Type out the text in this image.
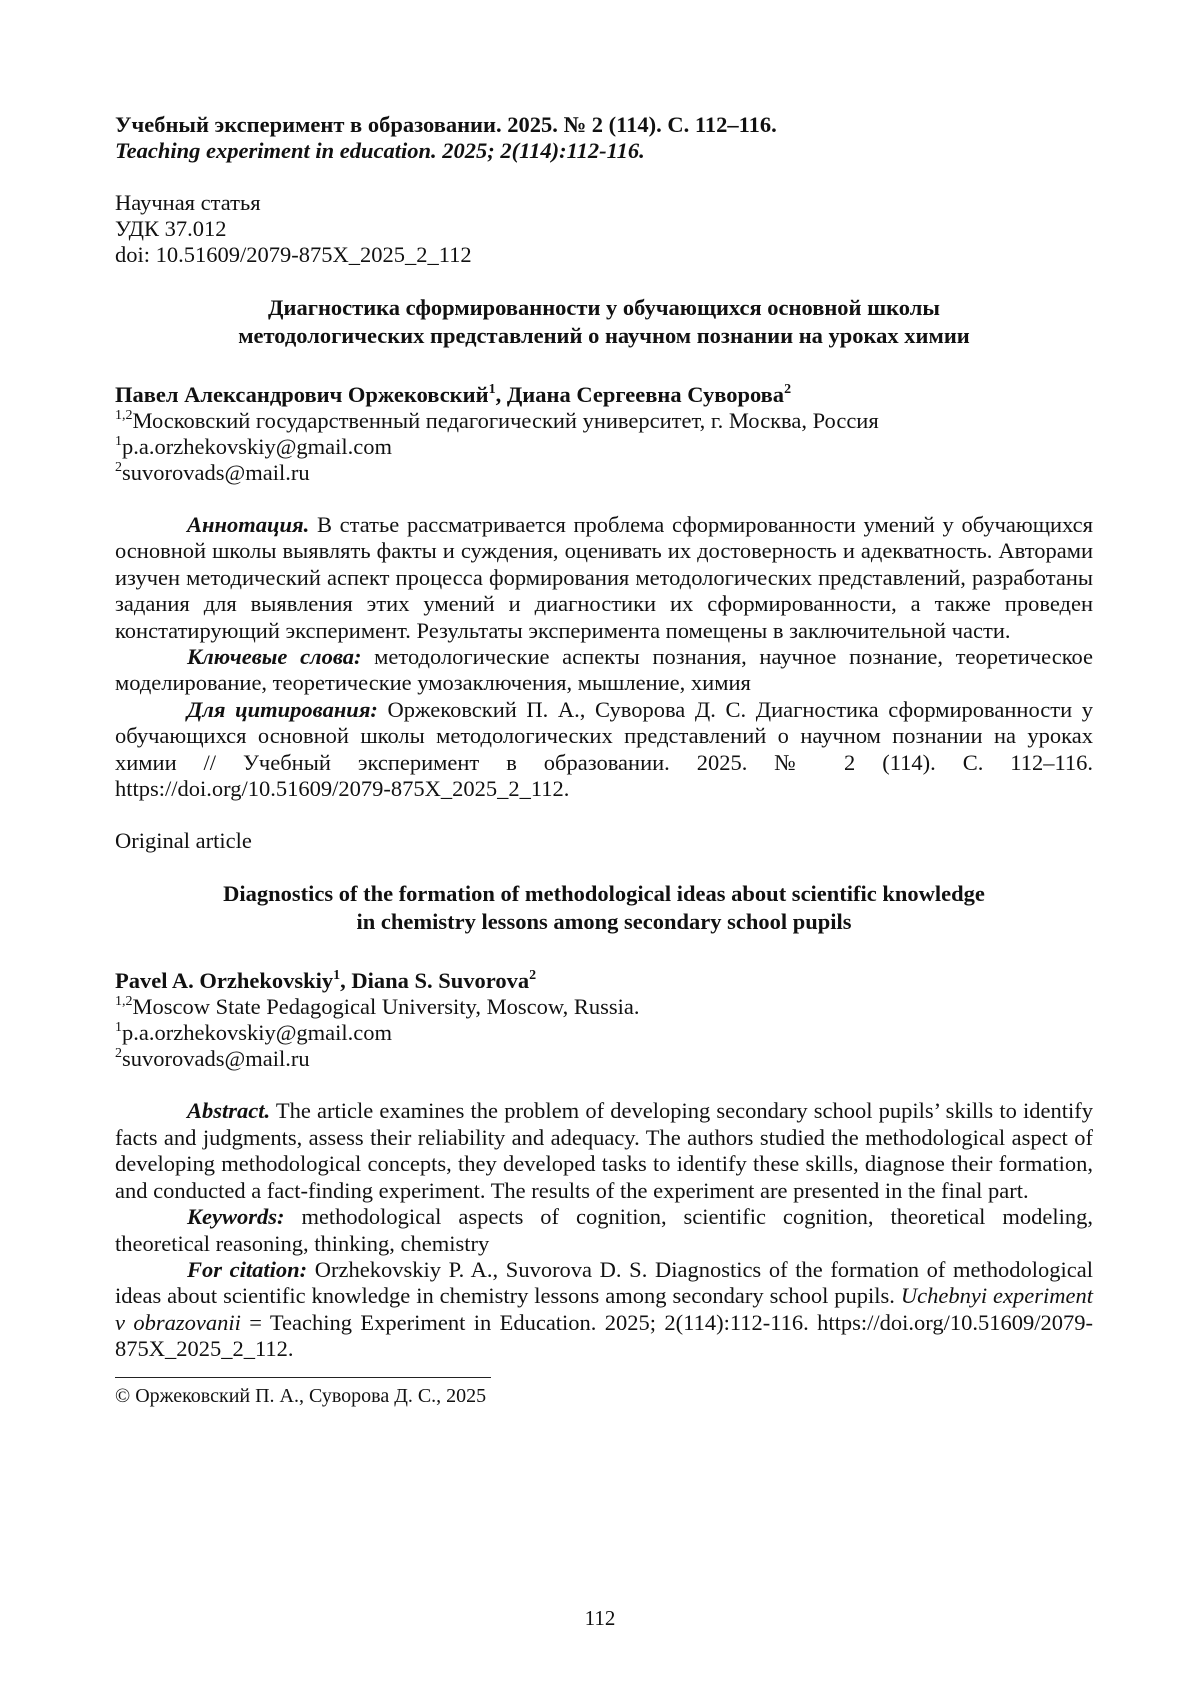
Учебный эксперимент в образовании. 2025. № 2 (114). С. 112–116.
Teaching experiment in education. 2025; 2(114):112-116.
Научная статья
УДК 37.012
doi: 10.51609/2079-875X_2025_2_112
Диагностика сформированности у обучающихся основной школы
методологических представлений о научном познании на уроках химии
Павел Александрович Оржековский$^1$, Диана Сергеевна Суворова$^2$
$^{1,2}$Московский государственный педагогический университет, г. Москва, Россия
$^1$p.a.orzhekovskiy@gmail.com
$^2$suvorovads@mail.ru

Аннотация. В статье рассматривается проблема сформированности умений у обучающихся основной школы выявлять факты и суждения, оценивать их достоверность и адекватность. Авторами изучен методический аспект процесса формирования методологических представлений, разработаны задания для выявления этих умений и диагностики их сформированности, а также проведен констатирующий эксперимент. Результаты эксперимента помещены в заключительной части.

Ключевые слова: методологические аспекты познания, научное познание, теоретическое моделирование, теоретические умозаключения, мышление, химия

Для цитирования: Оржековский П. А., Суворова Д. С. Диагностика сформированности у обучающихся основной школы методологических представлений о научном познании на уроках химии // Учебный эксперимент в образовании. 2025. № 2 (114). С. 112–116. https://doi.org/10.51609/2079-875X_2025_2_112.

Original article
Diagnostics of the formation of methodological ideas about scientific knowledge
in chemistry lessons among secondary school pupils
Pavel A. Orzhekovskiy$^1$, Diana S. Suvorova$^2$
$^{1,2}$Moscow State Pedagogical University, Moscow, Russia.
$^1$p.a.orzhekovskiy@gmail.com
$^2$suvorovads@mail.ru

Abstract. The article examines the problem of developing secondary school pupils’ skills to identify facts and judgments, assess their reliability and adequacy. The authors studied the methodological aspect of developing methodological concepts, they developed tasks to identify these skills, diagnose their formation, and conducted a fact-finding experiment. The results of the experiment are presented in the final part.

Keywords: methodological aspects of cognition, scientific cognition, theoretical modeling, theoretical reasoning, thinking, chemistry

For citation: Orzhekovskiy P. A., Suvorova D. S. Diagnostics of the formation of methodological ideas about scientific knowledge in chemistry lessons among secondary school pupils. Uchebnyi experiment v obrazovanii = Teaching Experiment in Education. 2025; 2(114):112-116. https://doi.org/10.51609/2079-875X_2025_2_112.

© Оржековский П. А., Суворова Д. С., 2025
112
